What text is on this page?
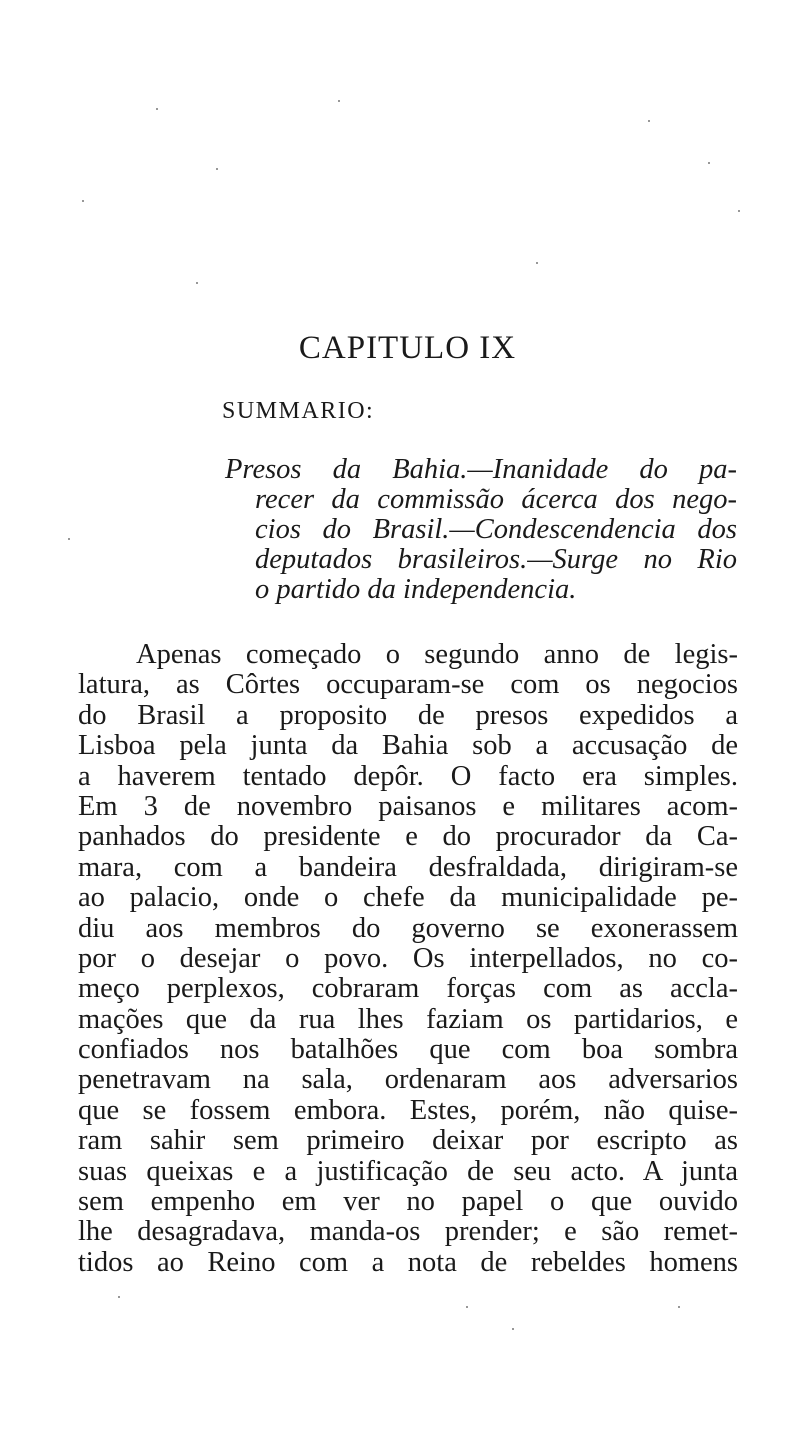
CAPITULO IX
SUMMARIO:
Presos da Bahia.—Inanidade do pa-
recer da commissão ácerca dos nego-
cios do Brasil.—Condescendencia dos
deputados brasileiros.—Surge no Rio
o partido da independencia.
Apenas começado o segundo anno de legis-
latura, as Côrtes occuparam-se com os negocios
do Brasil a proposito de presos expedidos a
Lisboa pela junta da Bahia sob a accusação de
a haverem tentado depôr. O facto era simples.
Em 3 de novembro paisanos e militares acom-
panhados do presidente e do procurador da Ca-
mara, com a bandeira desfraldada, dirigiram-se
ao palacio, onde o chefe da municipalidade pe-
diu aos membros do governo se exonerassem
por o desejar o povo. Os interpellados, no co-
meço perplexos, cobraram forças com as accla-
mações que da rua lhes faziam os partidarios, e
confiados nos batalhões que com boa sombra
penetravam na sala, ordenaram aos adversarios
que se fossem embora. Estes, porém, não quise-
ram sahir sem primeiro deixar por escripto as
suas queixas e a justificação de seu acto. A junta
sem empenho em ver no papel o que ouvido
lhe desagradava, manda-os prender; e são remet-
tidos ao Reino com a nota de rebeldes homens
